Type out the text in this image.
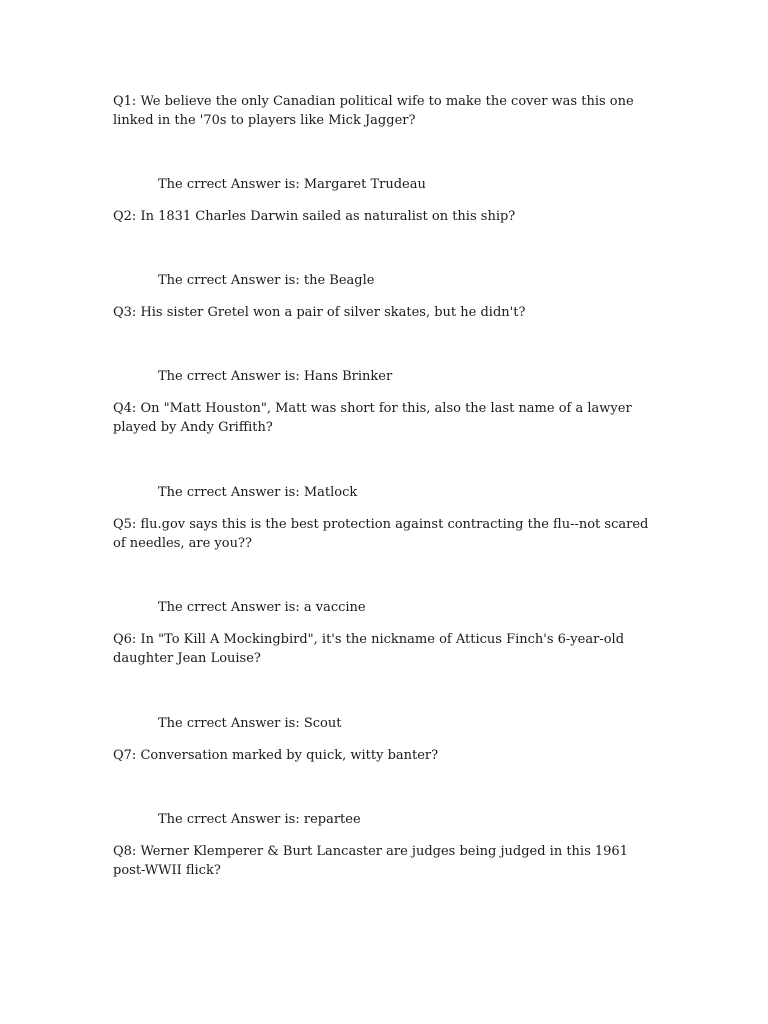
Q1: We believe the only Canadian political wife to make the cover was this one linked in the '70s to players like Mick Jagger?

The crrect Answer is: Margaret Trudeau

Q2: In 1831 Charles Darwin sailed as naturalist on this ship?

The crrect Answer is: the Beagle

Q3: His sister Gretel won a pair of silver skates, but he didn't?

The crrect Answer is: Hans Brinker

Q4: On "Matt Houston", Matt was short for this, also the last name of a lawyer played by Andy Griffith?

The crrect Answer is: Matlock

Q5: flu.gov says this is the best protection against contracting the flu--not scared of needles, are you??

The crrect Answer is: a vaccine

Q6: In "To Kill A Mockingbird", it's the nickname of Atticus Finch's 6-year-old daughter Jean Louise?

The crrect Answer is: Scout

Q7: Conversation marked by quick, witty banter?

The crrect Answer is: repartee

Q8: Werner Klemperer & Burt Lancaster are judges being judged in this 1961 post-WWII flick?
